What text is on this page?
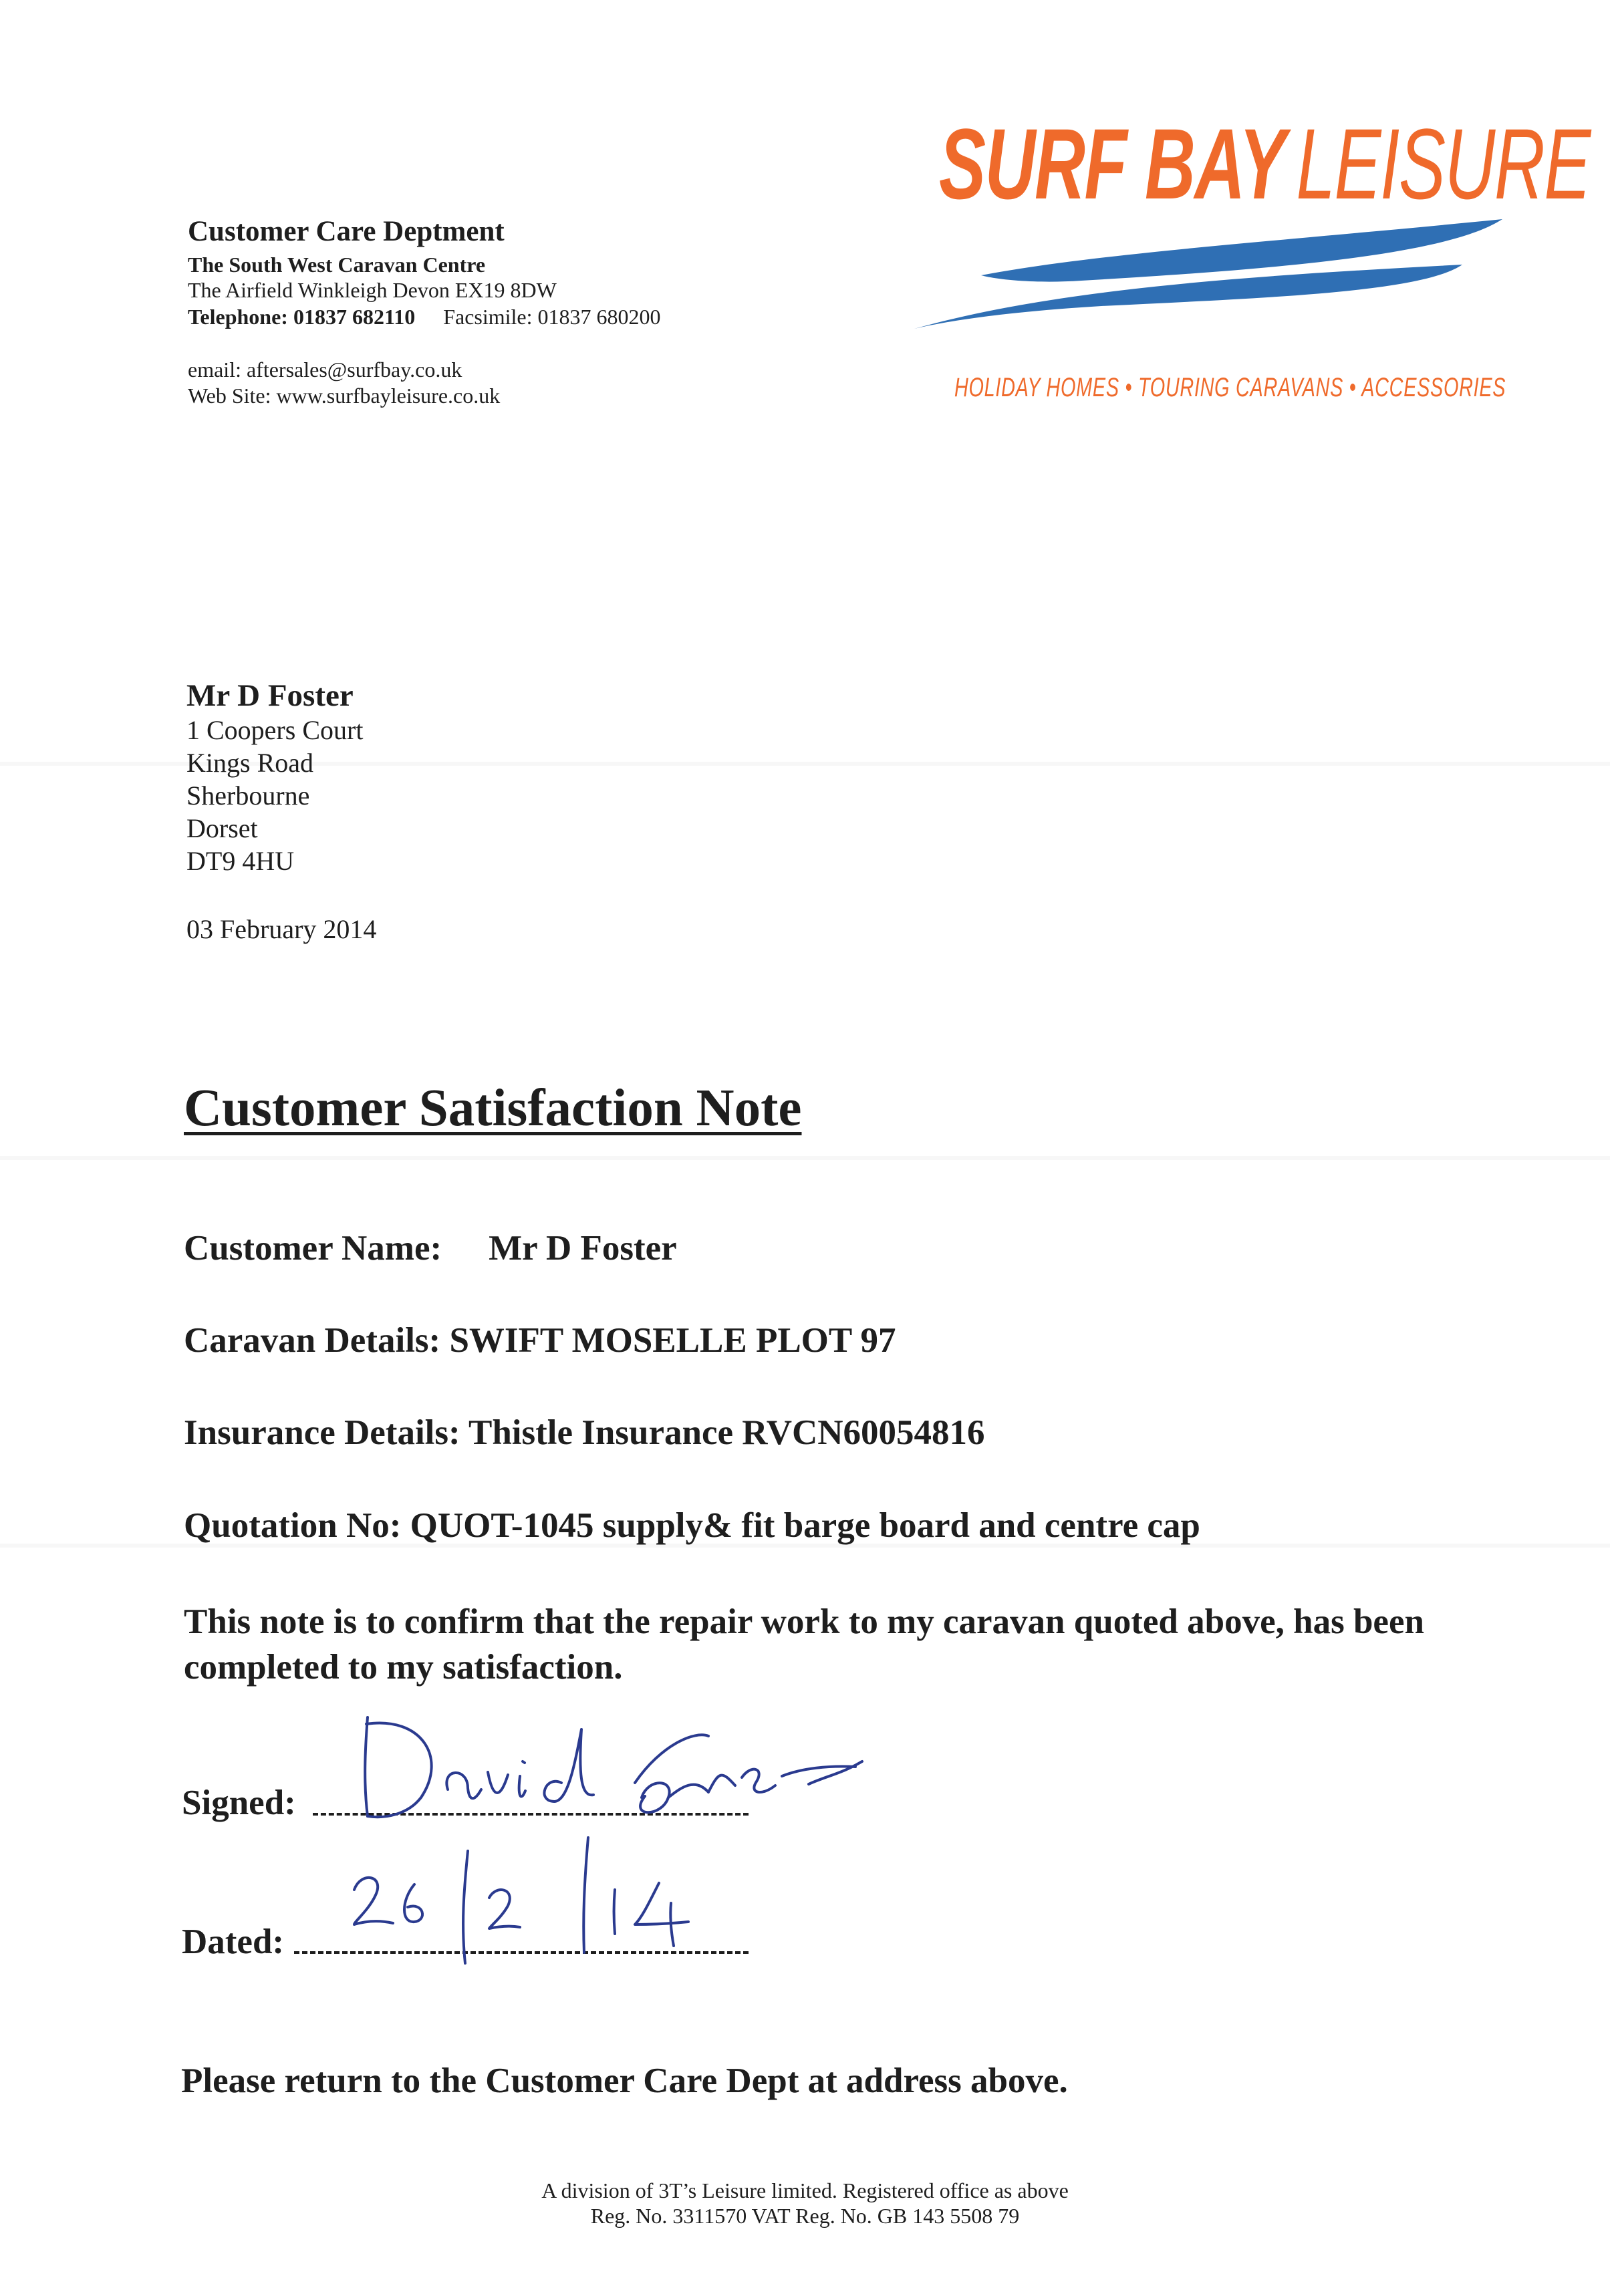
Customer Care Deptment
The South West Caravan Centre
The Airfield Winkleigh Devon EX19 8DW
Telephone: 01837 682110 Facsimile: 01837 680200
email: aftersales@surfbay.co.uk
Web Site: www.surfbayleisure.co.uk
SURF BAY LEISURE
HOLIDAY HOMES • TOURING CARAVANS • ACCESSORIES
Mr D Foster
1 Coopers Court
Kings Road
Sherbourne
Dorset
DT9 4HU
03 February 2014
Customer Satisfaction Note
Customer Name: Mr D Foster
Caravan Details: SWIFT MOSELLE PLOT 97
Insurance Details: Thistle Insurance RVCN60054816
Quotation No: QUOT-1045 supply& fit barge board and centre cap
This note is to confirm that the repair work to my caravan quoted above, has been completed to my satisfaction.
Signed:
Dated:
Please return to the Customer Care Dept at address above.
A division of 3T’s Leisure limited. Registered office as above
Reg. No. 3311570 VAT Reg. No. GB 143 5508 79
